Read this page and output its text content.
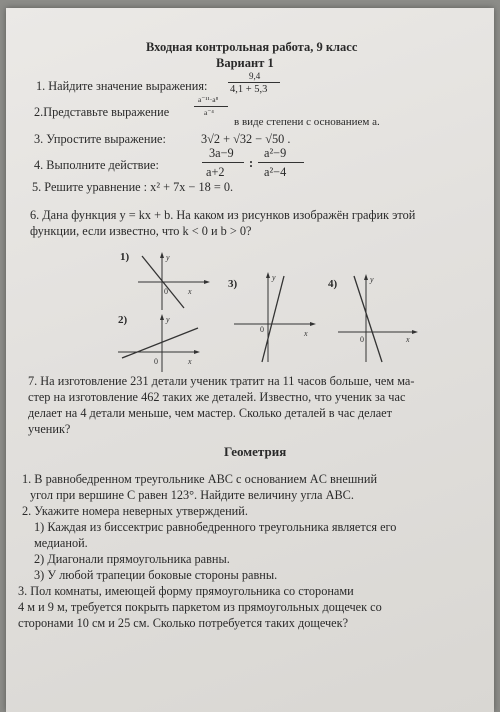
Входная контрольная работа, 9 класс
Вариант 1
1. Найдите значение выражения:
9,4
4,1 + 5,3
2.Представьте выражение
a⁻¹¹·a⁸
a⁻⁴
в виде степени с основанием a.
3. Упростите выражение:	3√2 + √32 − √50 .
4. Выполните действие:
3a−9
a+2
:
a²−9
a²−4
5. Решите уравнение : x² + 7x − 18 = 0.
6. Дана функция y = kx + b. На каком из рисунков изображён график этой
функции, если известно, что k < 0 и b > 0?
1)	y
x
0
2)	y
x
0
3)
y
x
0
4)	y
x
0
7. На изготовление 231 детали ученик тратит на 11 часов больше, чем ма-
стер на изготовление 462 таких же деталей. Известно, что ученик за час
делает на 4 детали меньше, чем мастер. Сколько деталей в час делает
ученик?
Геометрия
1. В равнобедренном треугольнике ABC с основанием AC внешний
угол при вершине C равен 123°. Найдите величину угла ABC.
2. Укажите номера неверных утверждений.
1) Каждая из биссектрис равнобедренного треугольника является его
медианой.
2) Диагонали прямоугольника равны.
3) У любой трапеции боковые стороны равны.
3. Пол комнаты, имеющей форму прямоугольника со сторонами
4 м и 9 м, требуется покрыть паркетом из прямоугольных дощечек со
сторонами 10 см и 25 см. Сколько потребуется таких дощечек?
